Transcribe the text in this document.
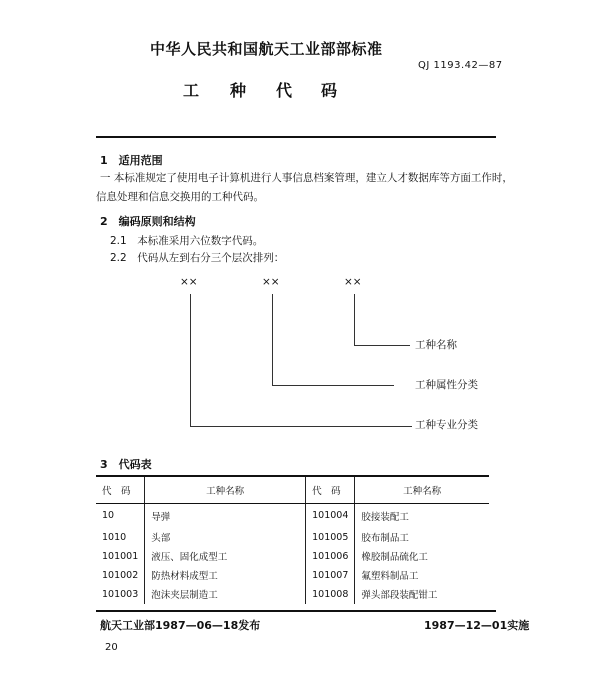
中华人民共和国航天工业部部标准
QJ 1193.42—87
工 种 代 码
1　适用范围
一 本标准规定了使用电子计算机进行人事信息档案管理，建立人才数据库等方面工作时，
信息处理和信息交换用的工种代码。
2　编码原则和结构
2.1　本标准采用六位数字代码。
2.2　代码从左到右分三个层次排列：
××	××	××
工种名称
工种属性分类
工种专业分类
3　代码表
代　码	工种名称	代　码	工种名称
10	导弹	101004	胶接装配工
1010	头部	101005	胶布制品工
101001	液压、固化成型工	101006	橡胶制品硫化工
101002	防热材料成型工	101007	氟塑料制品工
101003	泡沫夹层制造工	101008	弹头部段装配钳工
航天工业部1987—06—18发布	1987—12—01实施
20
